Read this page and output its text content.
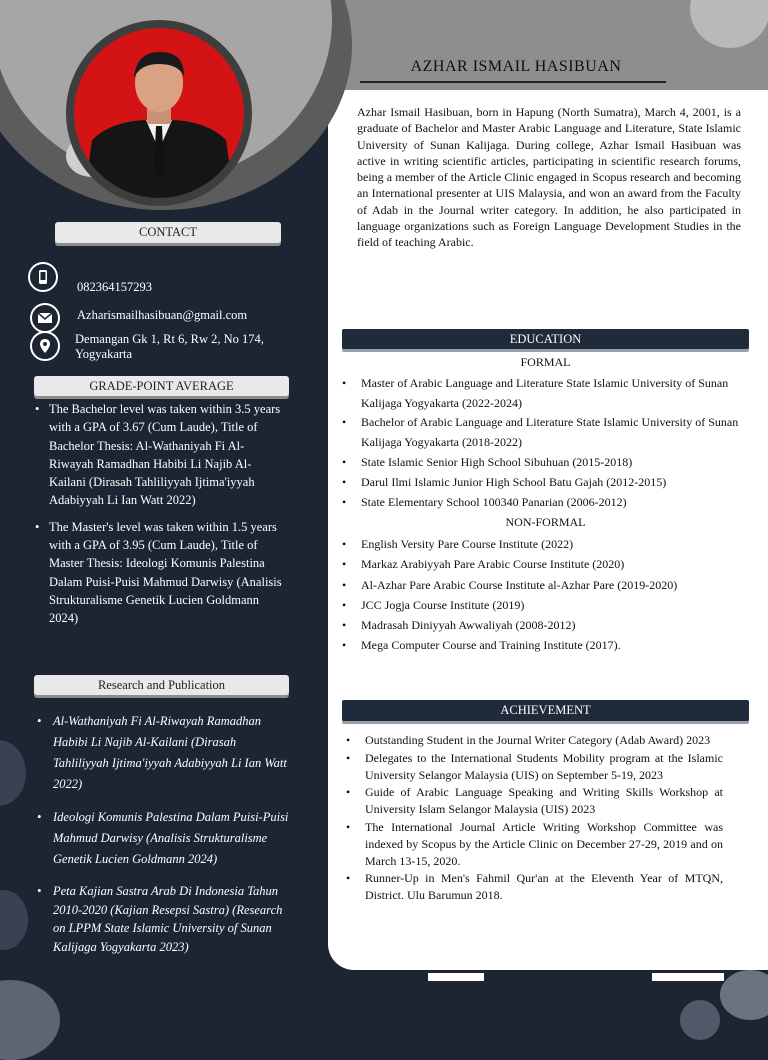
AZHAR ISMAIL HASIBUAN
Azhar Ismail Hasibuan, born in Hapung (North Sumatra), March 4, 2001, is a graduate of Bachelor and Master Arabic Language and Literature, State Islamic University of Sunan Kalijaga. During college, Azhar Ismail Hasibuan was active in writing scientific articles, participating in scientific research forums, being a member of the Article Clinic engaged in Scopus research and becoming an International presenter at UIS Malaysia, and won an award from the Faculty of Adab in the Journal writer category. In addition, he also participated in language organizations such as Foreign Language Development Studies in the field of teaching Arabic.
CONTACT
082364157293
Azharismailhasibuan@gmail.com
Demangan Gk 1, Rt 6, Rw 2, No 174,
Yogyakarta
GRADE-POINT AVERAGE
• The Bachelor level was taken within 3.5 years with a GPA of 3.67 (Cum Laude), Title of Bachelor Thesis: Al-Wathaniyah Fi Al-Riwayah Ramadhan Habibi Li Najib Al-Kailani (Dirasah Tahliliyyah Ijtima'iyyah Adabiyyah Li Ian Watt 2022)
• The Master's level was taken within 1.5 years with a GPA of 3.95 (Cum Laude), Title of Master Thesis: Ideologi Komunis Palestina Dalam Puisi-Puisi Mahmud Darwisy (Analisis Strukturalisme Genetik Lucien Goldmann 2024)
Research and Publication
• Al-Wathaniyah Fi Al-Riwayah Ramadhan Habibi Li Najib Al-Kailani (Dirasah Tahliliyyah Ijtima'iyyah Adabiyyah Li Ian Watt 2022)
• Ideologi Komunis Palestina Dalam Puisi-Puisi Mahmud Darwisy (Analisis Strukturalisme Genetik Lucien Goldmann 2024)
• Peta Kajian Sastra Arab Di Indonesia Tahun 2010-2020 (Kajian Resepsi Sastra) (Research on LPPM State Islamic University of Sunan Kalijaga Yogyakarta 2023)
EDUCATION
FORMAL
• Master of Arabic Language and Literature State Islamic University of Sunan Kalijaga Yogyakarta (2022-2024)
• Bachelor of Arabic Language and Literature State Islamic University of Sunan Kalijaga Yogyakarta (2018-2022)
• State Islamic Senior High School Sibuhuan (2015-2018)
• Darul Ilmi Islamic Junior High School Batu Gajah (2012-2015)
• State Elementary School 100340 Panarian (2006-2012)
NON-FORMAL
• English Versity Pare Course Institute (2022)
• Markaz Arabiyyah Pare Arabic Course Institute (2020)
• Al-Azhar Pare Arabic Course Institute al-Azhar Pare (2019-2020)
• JCC Jogja Course Institute (2019)
• Madrasah Diniyyah Awwaliyah (2008-2012)
• Mega Computer Course and Training Institute (2017).
ACHIEVEMENT
• Outstanding Student in the Journal Writer Category (Adab Award) 2023
• Delegates to the International Students Mobility program at the Islamic University Selangor Malaysia (UIS) on September 5-19, 2023
• Guide of Arabic Language Speaking and Writing Skills Workshop at University Islam Selangor Malaysia (UIS) 2023
• The International Journal Article Writing Workshop Committee was indexed by Scopus by the Article Clinic on December 27-29, 2019 and on March 13-15, 2020.
• Runner-Up in Men's Fahmil Qur'an at the Eleventh Year of MTQN, District. Ulu Barumun 2018.
